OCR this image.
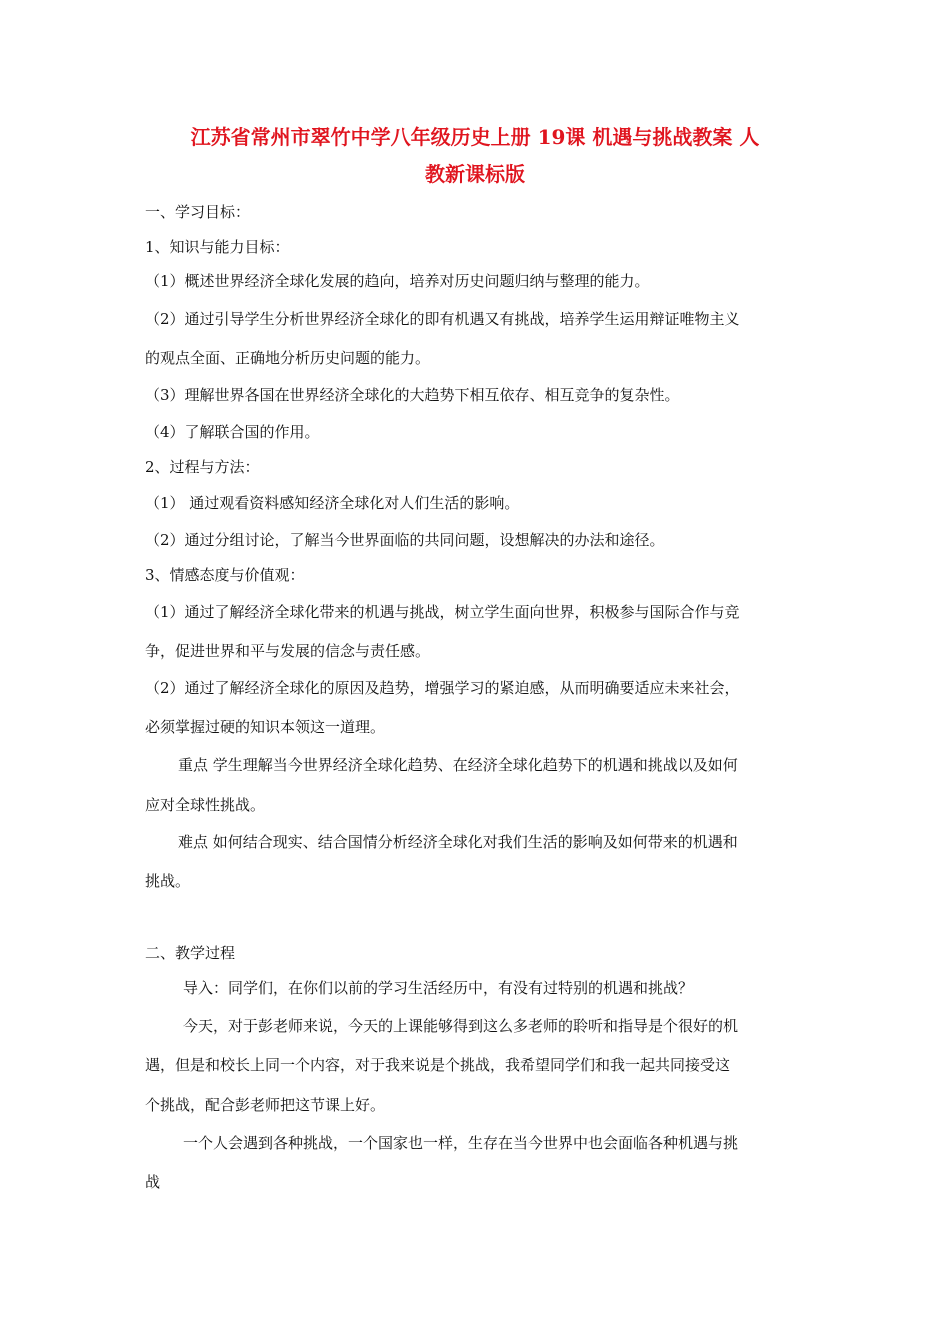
江苏省常州市翠竹中学八年级历史上册 19课 机遇与挑战教案 人
教新课标版
一、学习目标：
1、知识与能力目标：
（1）概述世界经济全球化发展的趋向，培养对历史问题归纳与整理的能力。
（2）通过引导学生分析世界经济全球化的即有机遇又有挑战，培养学生运用辩证唯物主义
的观点全面、正确地分析历史问题的能力。
（3）理解世界各国在世界经济全球化的大趋势下相互依存、相互竞争的复杂性。
（4）了解联合国的作用。
2、过程与方法：
（1） 通过观看资料感知经济全球化对人们生活的影响。
（2）通过分组讨论，了解当今世界面临的共同问题，设想解决的办法和途径。
3、情感态度与价值观：
（1）通过了解经济全球化带来的机遇与挑战，树立学生面向世界，积极参与国际合作与竞
争，促进世界和平与发展的信念与责任感。
（2）通过了解经济全球化的原因及趋势，增强学习的紧迫感，从而明确要适应未来社会，
必须掌握过硬的知识本领这一道理。
重点 学生理解当今世界经济全球化趋势、在经济全球化趋势下的机遇和挑战以及如何
应对全球性挑战。
难点 如何结合现实、结合国情分析经济全球化对我们生活的影响及如何带来的机遇和
挑战。
二、教学过程
导入：同学们，在你们以前的学习生活经历中，有没有过特别的机遇和挑战？
今天，对于彭老师来说，今天的上课能够得到这么多老师的聆听和指导是个很好的机
遇，但是和校长上同一个内容，对于我来说是个挑战，我希望同学们和我一起共同接受这
个挑战，配合彭老师把这节课上好。
一个人会遇到各种挑战，一个国家也一样，生存在当今世界中也会面临各种机遇与挑
战
